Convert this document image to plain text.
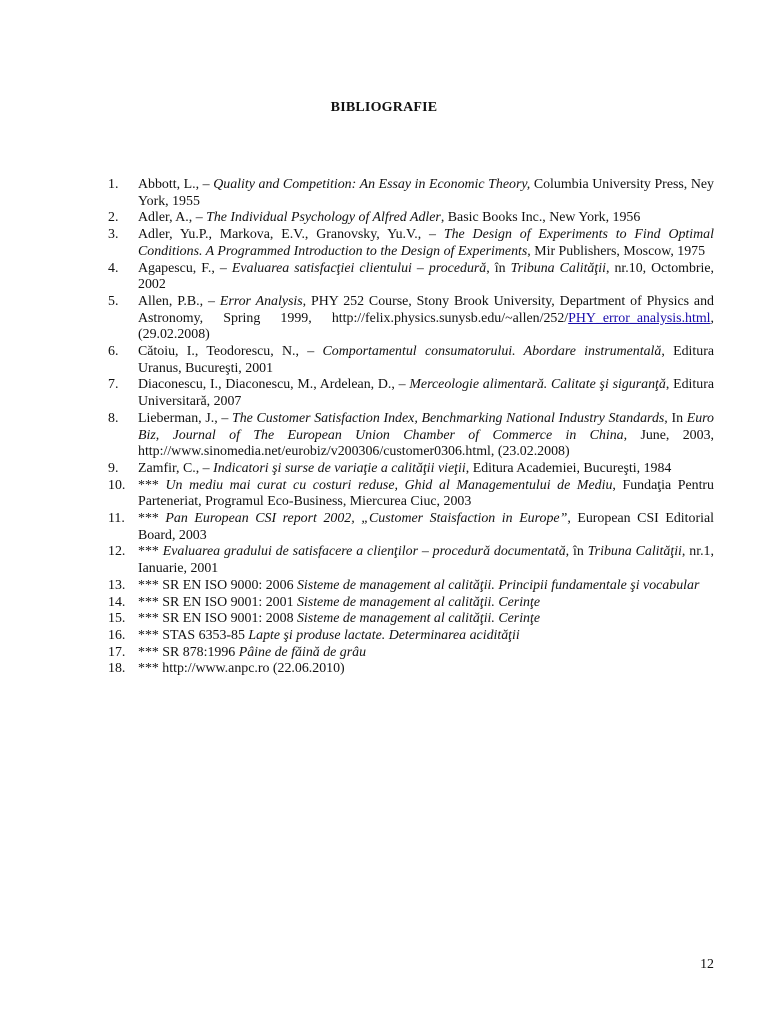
BIBLIOGRAFIE
1.	Abbott, L., – Quality and Competition: An Essay in Economic Theory, Columbia University Press, Ney York, 1955
2.	Adler, A., – The Individual Psychology of Alfred Adler, Basic Books Inc., New York, 1956
3.	Adler, Yu.P., Markova, E.V., Granovsky, Yu.V., – The Design of Experiments to Find Optimal Conditions. A Programmed Introduction to the Design of Experiments, Mir Publishers, Moscow, 1975
4.	Agapescu, F., – Evaluarea satisfacţiei clientului – procedură, în Tribuna Calităţii, nr.10, Octombrie, 2002
5.	Allen, P.B., – Error Analysis, PHY 252 Course, Stony Brook University, Department of Physics and Astronomy, Spring 1999, http://felix.physics.sunysb.edu/~allen/252/PHY_error_analysis.html, (29.02.2008)
6.	Cătoiu, I., Teodorescu, N., – Comportamentul consumatorului. Abordare instrumentală, Editura Uranus, Bucureşti, 2001
7.	Diaconescu, I., Diaconescu, M., Ardelean, D., – Merceologie alimentară. Calitate şi siguranţă, Editura Universitară, 2007
8.	Lieberman, J., – The Customer Satisfaction Index, Benchmarking National Industry Standards, In Euro Biz, Journal of The European Union Chamber of Commerce in China, June, 2003, http://www.sinomedia.net/eurobiz/v200306/customer0306.html, (23.02.2008)
9.	Zamfir, C., – Indicatori şi surse de variaţie a calităţii vieţii, Editura Academiei, Bucureşti, 1984
10. *** Un mediu mai curat cu costuri reduse, Ghid al Managementului de Mediu, Fundaţia Pentru Parteneriat, Programul Eco-Business, Miercurea Ciuc, 2003
11. *** Pan European CSI report 2002, „Customer Staisfaction in Europe”, European CSI Editorial Board, 2003
12. *** Evaluarea gradului de satisfacere a clienţilor – procedură documentată, în Tribuna Calităţii, nr.1, Ianuarie, 2001
13. *** SR EN ISO 9000: 2006 Sisteme de management al calităţii. Principii fundamentale şi vocabular
14. *** SR EN ISO 9001: 2001 Sisteme de management al calităţii. Cerinţe
15. *** SR EN ISO 9001: 2008 Sisteme de management al calităţii. Cerinţe
16. *** STAS 6353-85 Lapte şi produse lactate. Determinarea acidităţii
17. *** SR 878:1996 Pâine de făină de grâu
18. *** http://www.anpc.ro (22.06.2010)
12
